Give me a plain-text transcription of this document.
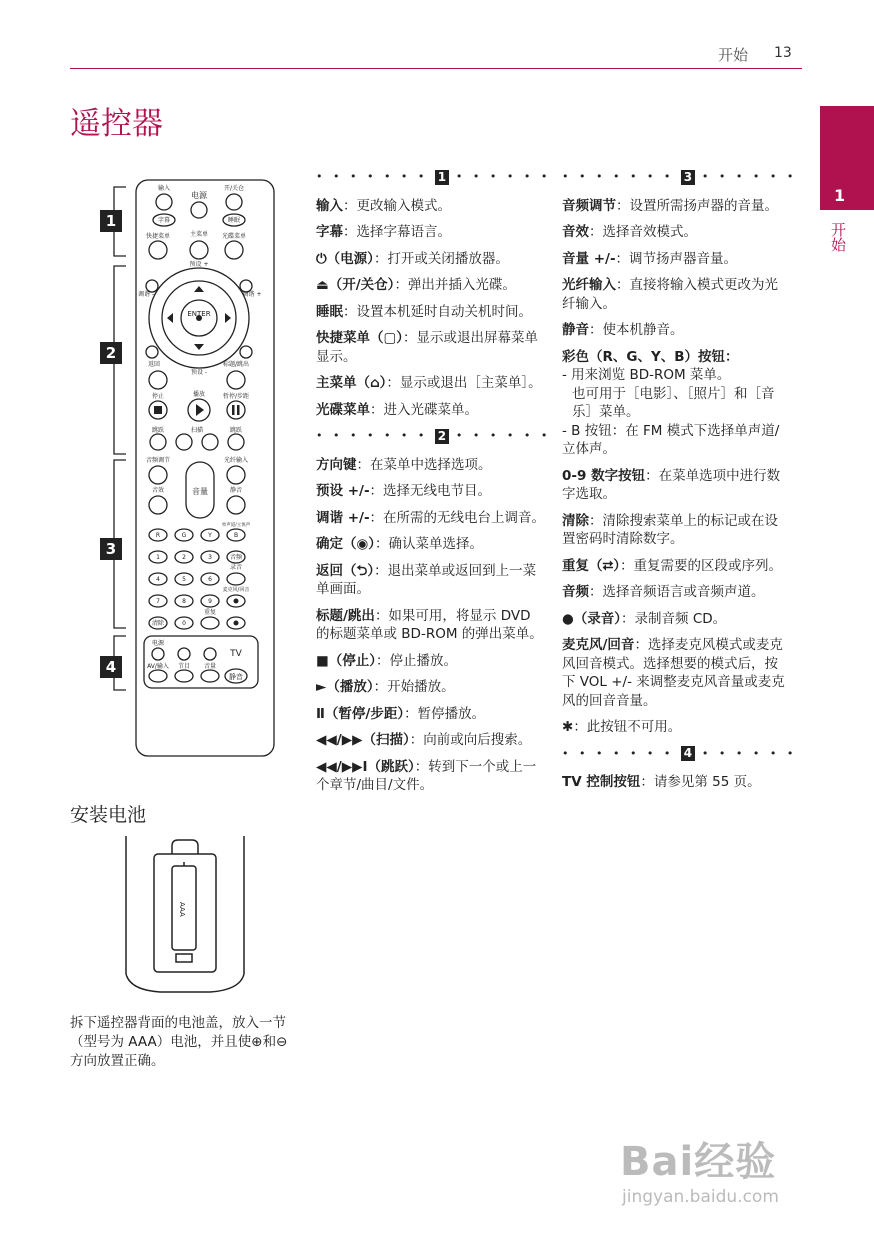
开始 13
1
开始
遥控器
输入
电源
开/关仓
字幕	睡眠
快捷菜单	主菜单 光碟菜单
预设 +
预设 -
调谐 -	调谐 +
ENTER
返回	标题/跳出
停止	播放	暂停/步距
跳跃	扫描	跳跃
音频调节	光纤输入
音量
音效	静音
R	G	Y	B
单声道/立体声
1	2	3	音频
4	5	6
录音
7	8	9
麦克风/回音
清除	0
重复
电源
TV
AV/输入 节目 音量
静音
1
2
3
4
安装电池
AAA
拆下遥控器背面的电池盖，放入一节（型号为 AAA）电池，并且使⊕和⊖方向放置正确。
• • • • • • • 1 • • • • • •
输入：更改输入模式。
字幕：选择字幕语言。
⏻（电源）：打开或关闭播放器。
⏏（开/关仓）：弹出并插入光碟。
睡眠：设置本机延时自动关机时间。
快捷菜单（▢）：显示或退出屏幕菜单显示。
主菜单（⌂）：显示或退出［主菜单］。
光碟菜单：进入光碟菜单。
• • • • • • • 2 • • • • • •
方向键：在菜单中选择选项。
预设 +/-：选择无线电节目。
调谐 +/-：在所需的无线电台上调音。
确定（◉）：确认菜单选择。
返回（⮌）：退出菜单或返回到上一菜单画面。
标题/跳出：如果可用，将显示 DVD 的标题菜单或 BD-ROM 的弹出菜单。
■（停止）：停止播放。
►（播放）：开始播放。
Ⅱ（暂停/步距）：暂停播放。
◀◀/▶▶（扫描）：向前或向后搜索。
◀◀/▶▶I（跳跃）：转到下一个或上一个章节/曲目/文件。
• • • • • • • 3 • • • • • •
音频调节：设置所需扬声器的音量。
音效：选择音效模式。
音量 +/-：调节扬声器音量。
光纤输入：直接将输入模式更改为光纤输入。
静音：使本机静音。
彩色（R、G、Y、B）按钮：
- 用来浏览 BD-ROM 菜单。
也可用于［电影］、［照片］和［音乐］菜单。
- B 按钮：在 FM 模式下选择单声道/立体声。
0-9 数字按钮：在菜单选项中进行数字选取。
清除：清除搜索菜单上的标记或在设置密码时清除数字。
重复（⮂）：重复需要的区段或序列。
音频：选择音频语言或音频声道。
●（录音）：录制音频 CD。
麦克风/回音：选择麦克风模式或麦克风回音模式。选择想要的模式后，按下 VOL +/- 来调整麦克风音量或麦克风的回音音量。
✱：此按钮不可用。
• • • • • • • 4 • • • • • •
TV 控制按钮：请参见第 55 页。
Bai经验
jingyan.baidu.com
